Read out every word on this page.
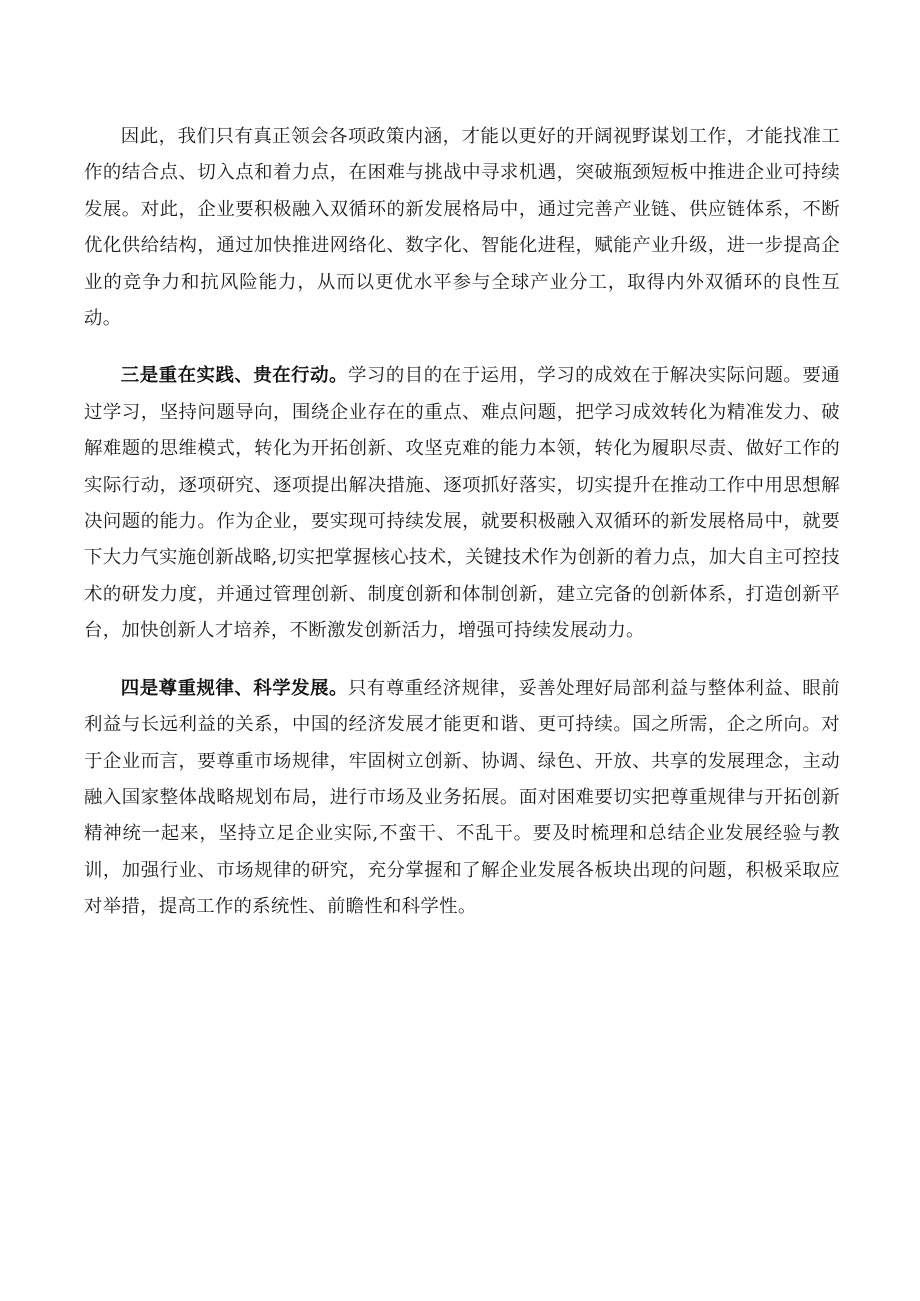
因此，我们只有真正领会各项政策内涵，才能以更好的开阔视野谋划工作，才能找准工作的结合点、切入点和着力点，在困难与挑战中寻求机遇，突破瓶颈短板中推进企业可持续发展。对此，企业要积极融入双循环的新发展格局中，通过完善产业链、供应链体系，不断优化供给结构，通过加快推进网络化、数字化、智能化进程，赋能产业升级，进一步提高企业的竞争力和抗风险能力，从而以更优水平参与全球产业分工，取得内外双循环的良性互动。

三是重在实践、贵在行动。学习的目的在于运用，学习的成效在于解决实际问题。要通过学习，坚持问题导向，围绕企业存在的重点、难点问题，把学习成效转化为精准发力、破解难题的思维模式，转化为开拓创新、攻坚克难的能力本领，转化为履职尽责、做好工作的实际行动，逐项研究、逐项提出解决措施、逐项抓好落实，切实提升在推动工作中用思想解决问题的能力。作为企业，要实现可持续发展，就要积极融入双循环的新发展格局中，就要下大力气实施创新战略,切实把掌握核心技术，关键技术作为创新的着力点，加大自主可控技术的研发力度，并通过管理创新、制度创新和体制创新，建立完备的创新体系，打造创新平台，加快创新人才培养，不断激发创新活力，增强可持续发展动力。

四是尊重规律、科学发展。只有尊重经济规律，妥善处理好局部利益与整体利益、眼前利益与长远利益的关系，中国的经济发展才能更和谐、更可持续。国之所需，企之所向。对于企业而言，要尊重市场规律，牢固树立创新、协调、绿色、开放、共享的发展理念，主动融入国家整体战略规划布局，进行市场及业务拓展。面对困难要切实把尊重规律与开拓创新精神统一起来，坚持立足企业实际,不蛮干、不乱干。要及时梳理和总结企业发展经验与教训，加强行业、市场规律的研究，充分掌握和了解企业发展各板块出现的问题，积极采取应对举措，提高工作的系统性、前瞻性和科学性。
